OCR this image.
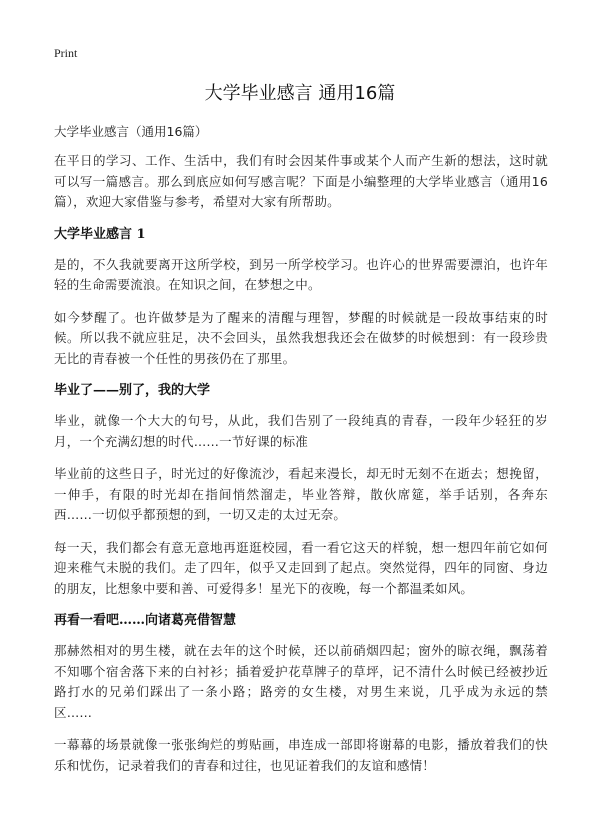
Print
大学毕业感言 通用16篇

大学毕业感言（通用16篇）

在平日的学习、工作、生活中，我们有时会因某件事或某个人而产生新的想法，这时就可以写一篇感言。那么到底应如何写感言呢？下面是小编整理的大学毕业感言（通用16篇），欢迎大家借鉴与参考，希望对大家有所帮助。

大学毕业感言 1

是的，不久我就要离开这所学校，到另一所学校学习。也许心的世界需要漂泊，也许年轻的生命需要流浪。在知识之间，在梦想之中。

如今梦醒了。也许做梦是为了醒来的清醒与理智，梦醒的时候就是一段故事结束的时候。所以我不就应驻足，决不会回头，虽然我想我还会在做梦的时候想到：有一段珍贵无比的青春被一个任性的男孩仍在了那里。

毕业了——别了，我的大学

毕业，就像一个大大的句号，从此，我们告别了一段纯真的青春，一段年少轻狂的岁月，一个充满幻想的时代……一节好课的标准

毕业前的这些日子，时光过的好像流沙，看起来漫长，却无时无刻不在逝去；想挽留，一伸手，有限的时光却在指间悄然溜走，毕业答辩，散伙席筵，举手话别，各奔东西……一切似乎都预想的到，一切又走的太过无奈。

每一天，我们都会有意无意地再逛逛校园，看一看它这天的样貌，想一想四年前它如何迎来稚气未脱的我们。走了四年，似乎又走回到了起点。突然觉得，四年的同窗、身边的朋友，比想象中要和善、可爱得多！星光下的夜晚，每一个都温柔如风。

再看一看吧……向诸葛亮借智慧

那赫然相对的男生楼，就在去年的这个时候，还以前硝烟四起；窗外的晾衣绳，飘荡着不知哪个宿舍落下来的白衬衫；插着爱护花草牌子的草坪，记不清什么时候已经被抄近路打水的兄弟们踩出了一条小路；路旁的女生楼，对男生来说，几乎成为永远的禁区……

一幕幕的场景就像一张张绚烂的剪贴画，串连成一部即将谢幕的电影，播放着我们的快乐和忧伤，记录着我们的青春和过往，也见证着我们的友谊和感情！
